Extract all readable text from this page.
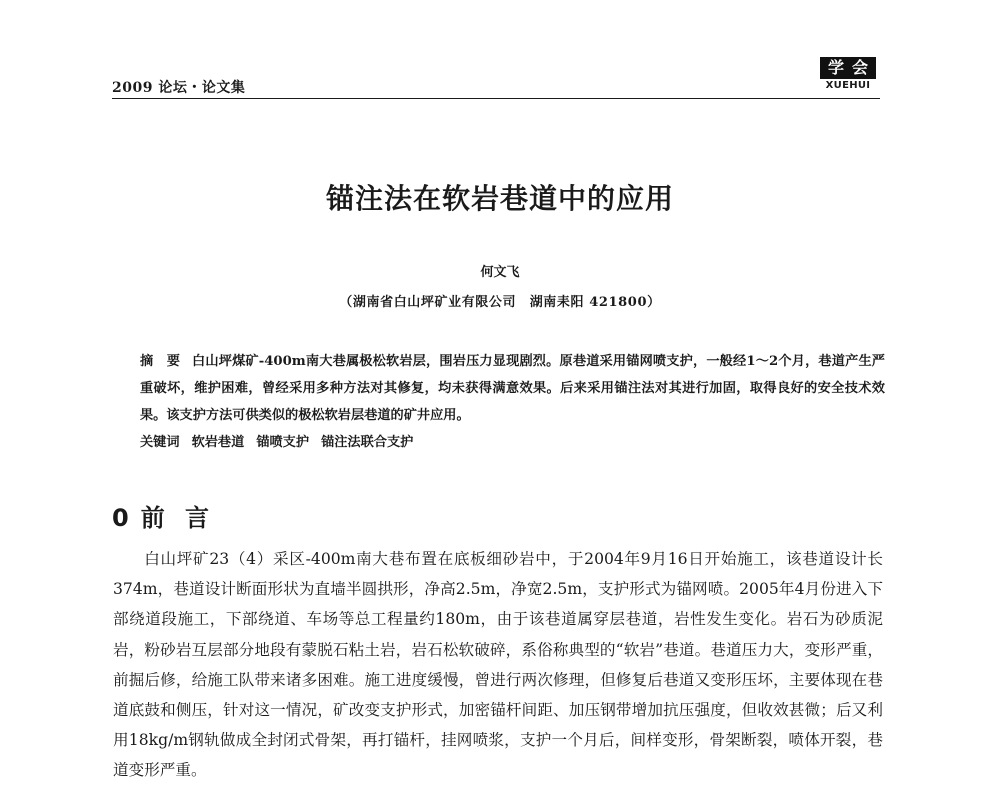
2009 论坛・论文集
学会
XUEHUI
锚注法在软岩巷道中的应用
何文飞
（湖南省白山坪矿业有限公司　湖南耒阳 421800）

摘　要 白山坪煤矿-400m南大巷属极松软岩层，围岩压力显现剧烈。原巷道采用锚网喷支护，一般经1～2个月，巷道产生严重破坏，维护困难，曾经采用多种方法对其修复，均未获得满意效果。后来采用锚注法对其进行加固，取得良好的安全技术效果。该支护方法可供类似的极松软岩层巷道的矿井应用。

关键词 软岩巷道 锚喷支护 锚注法联合支护

0 前 言

白山坪矿23（4）采区-400m南大巷布置在底板细砂岩中，于2004年9月16日开始施工，该巷道设计长374m，巷道设计断面形状为直墙半圆拱形，净高2.5m，净宽2.5m，支护形式为锚网喷。2005年4月份进入下部绕道段施工，下部绕道、车场等总工程量约180m，由于该巷道属穿层巷道，岩性发生变化。岩石为砂质泥岩，粉砂岩互层部分地段有蒙脱石粘土岩，岩石松软破碎，系俗称典型的“软岩”巷道。巷道压力大，变形严重，前掘后修，给施工队带来诸多困难。施工进度缓慢，曾进行两次修理，但修复后巷道又变形压坏，主要体现在巷道底鼓和侧压，针对这一情况，矿改变支护形式，加密锚杆间距、加压钢带增加抗压强度，但收效甚微；后又利用18kg/m钢轨做成全封闭式骨架，再打锚杆，挂网喷浆，支护一个月后，间样变形，骨架断裂，喷体开裂，巷道变形严重。
